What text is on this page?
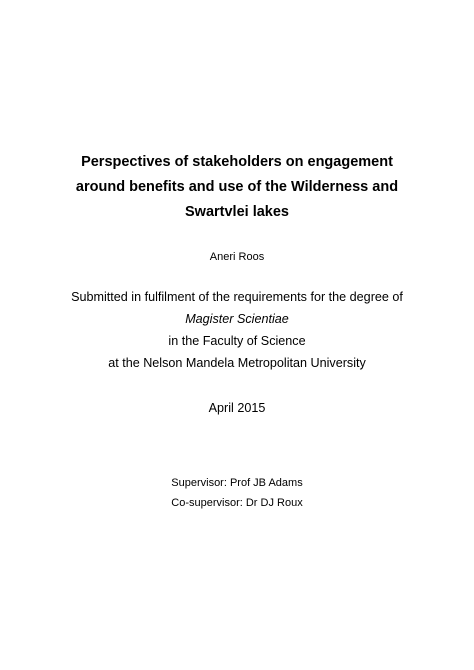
Perspectives of stakeholders on engagement
around benefits and use of the Wilderness and
Swartvlei lakes
Aneri Roos
Submitted in fulfilment of the requirements for the degree of
Magister Scientiae
in the Faculty of Science
at the Nelson Mandela Metropolitan University
April 2015
Supervisor: Prof JB Adams
Co-supervisor: Dr DJ Roux
